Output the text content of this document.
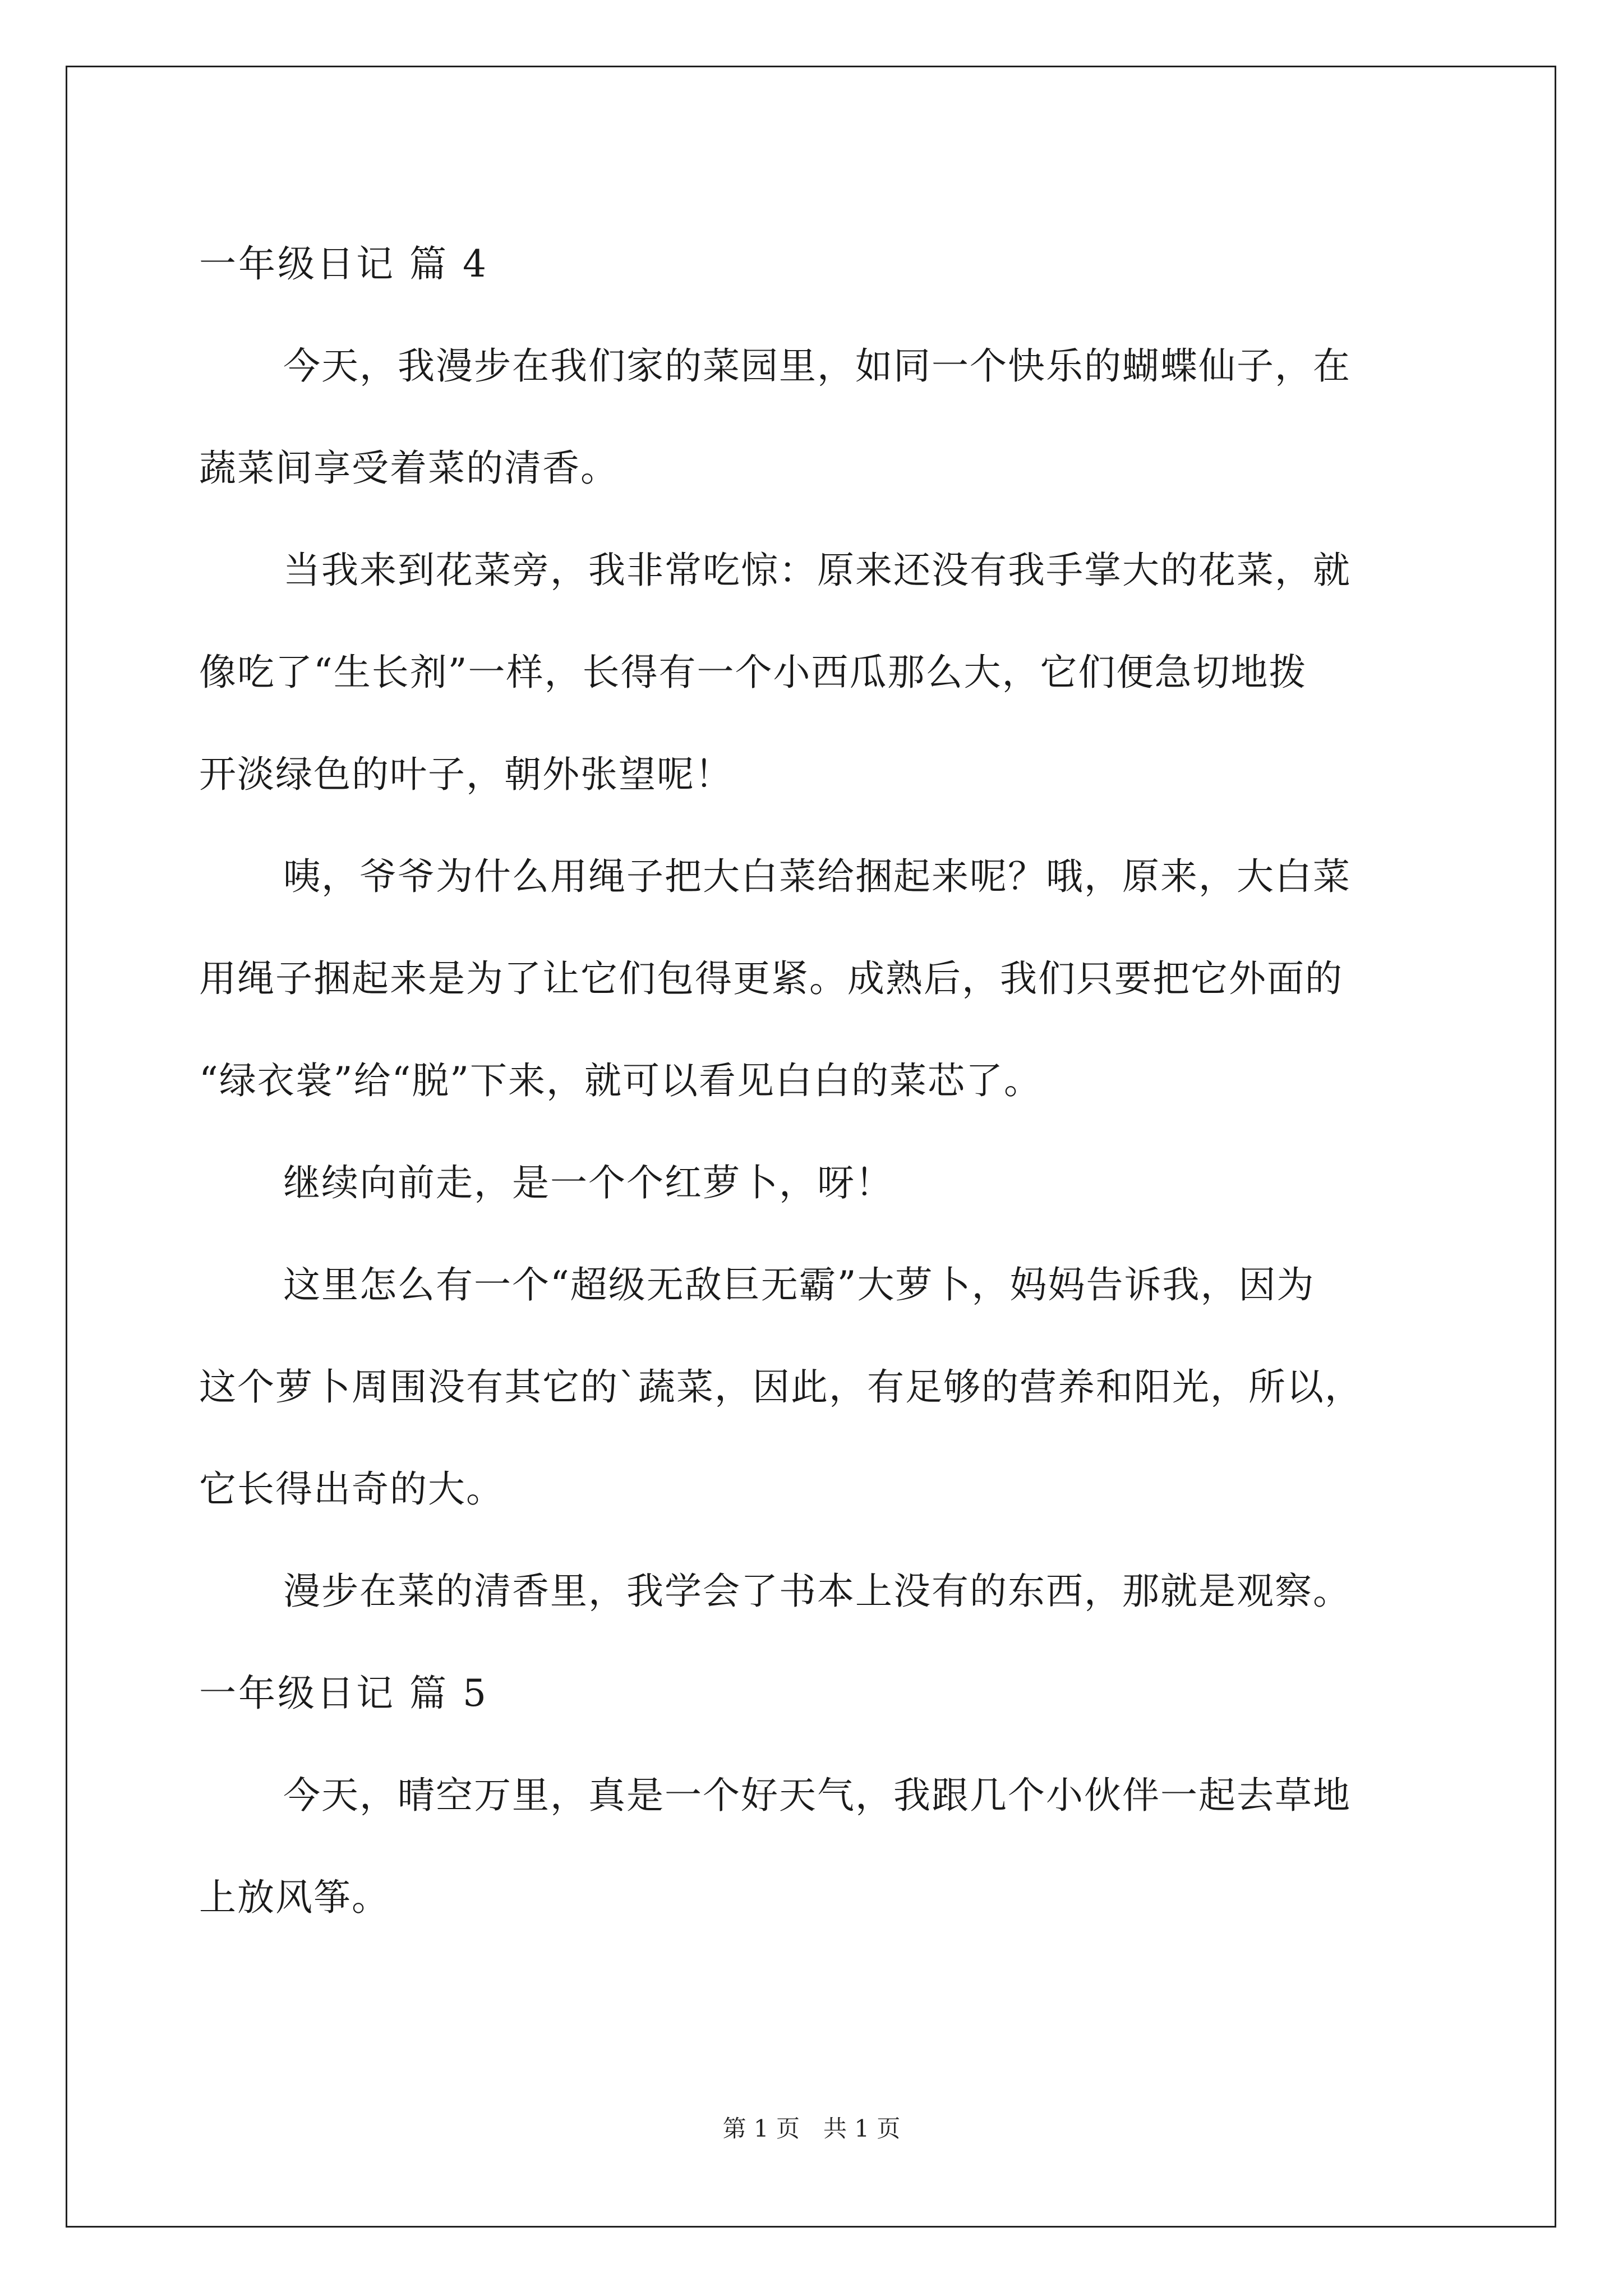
一年级日记 篇 4
今天，我漫步在我们家的菜园里，如同一个快乐的蝴蝶仙子，在
蔬菜间享受着菜的清香。
当我来到花菜旁，我非常吃惊：原来还没有我手掌大的花菜，就
像吃了“生长剂”一样，长得有一个小西瓜那么大，它们便急切地拨
开淡绿色的叶子，朝外张望呢！
咦，爷爷为什么用绳子把大白菜给捆起来呢？哦，原来，大白菜
用绳子捆起来是为了让它们包得更紧。成熟后，我们只要把它外面的
“绿衣裳”给“脱”下来，就可以看见白白的菜芯了。
继续向前走，是一个个红萝卜，呀！
这里怎么有一个“超级无敌巨无霸”大萝卜，妈妈告诉我，因为
这个萝卜周围没有其它的`蔬菜，因此，有足够的营养和阳光，所以，
它长得出奇的大。
漫步在菜的清香里，我学会了书本上没有的东西，那就是观察。
一年级日记 篇 5
今天，晴空万里，真是一个好天气，我跟几个小伙伴一起去草地
上放风筝。
第 1 页　共 1 页
